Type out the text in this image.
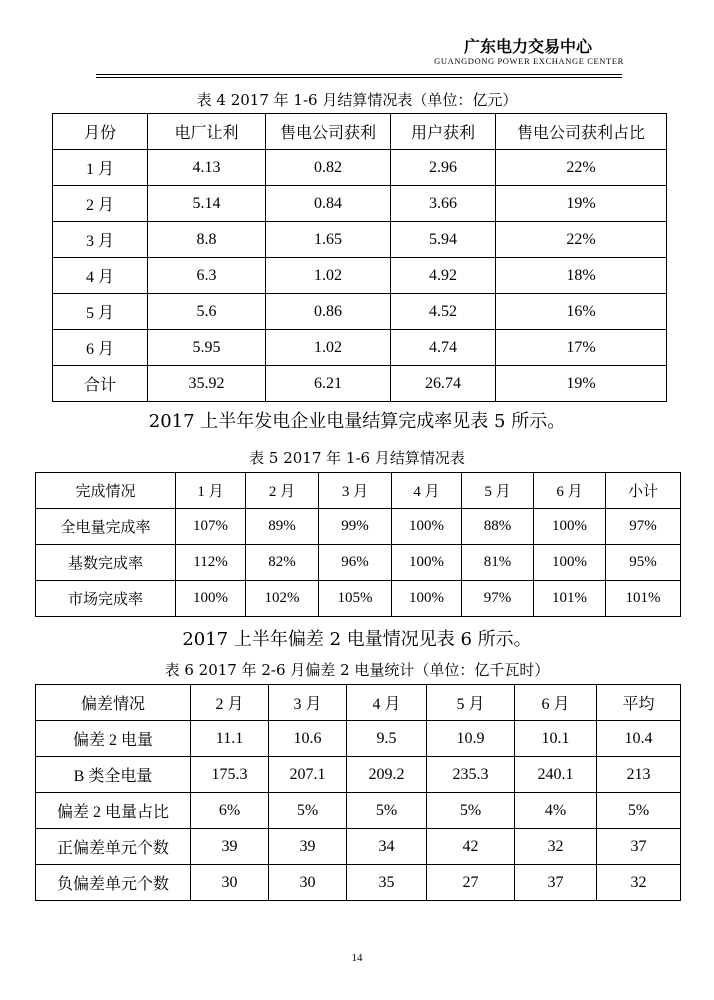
广东电力交易中心
GUANGDONG POWER EXCHANGE CENTER
表 4 2017 年 1-6 月结算情况表（单位：亿元）
月份	电厂让利	售电公司获利	用户获利	售电公司获利占比
1 月	4.13	0.82	2.96	22%
2 月	5.14	0.84	3.66	19%
3 月	8.8	1.65	5.94	22%
4 月	6.3	1.02	4.92	18%
5 月	5.6	0.86	4.52	16%
6 月	5.95	1.02	4.74	17%
合计	35.92	6.21	26.74	19%
2017 上半年发电企业电量结算完成率见表 5 所示。
表 5 2017 年 1-6 月结算情况表
完成情况	1 月	2 月	3 月	4 月	5 月	6 月	小计
全电量完成率	107%	89%	99%	100%	88%	100%	97%
基数完成率	112%	82%	96%	100%	81%	100%	95%
市场完成率	100%	102%	105%	100%	97%	101%	101%
2017 上半年偏差 2 电量情况见表 6 所示。
表 6 2017 年 2-6 月偏差 2 电量统计（单位：亿千瓦时）
偏差情况	2 月	3 月	4 月	5 月	6 月	平均
偏差 2 电量	11.1	10.6	9.5	10.9	10.1	10.4
B 类全电量	175.3	207.1	209.2	235.3	240.1	213
偏差 2 电量占比	6%	5%	5%	5%	4%	5%
正偏差单元个数	39	39	34	42	32	37
负偏差单元个数	30	30	35	27	37	32
14
